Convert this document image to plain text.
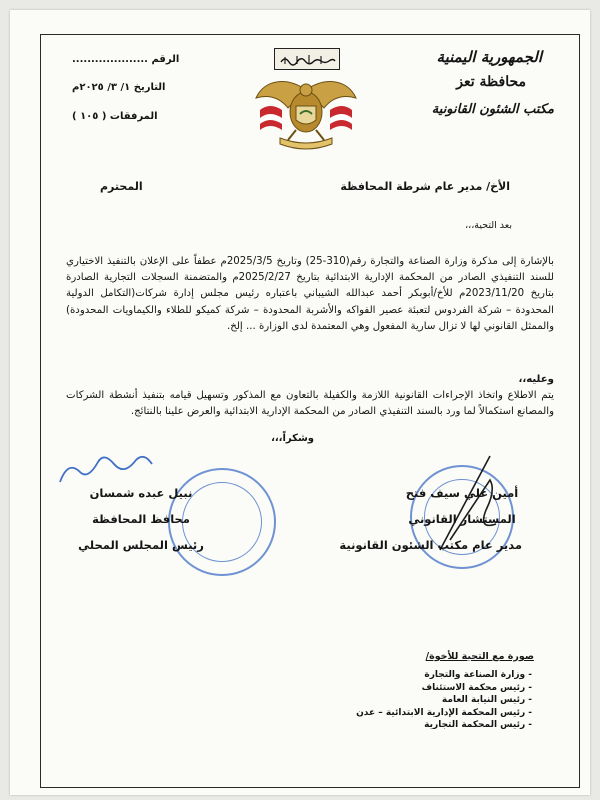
الجمهورية اليمنية
محافظة تعز
مكتب الشئون القانونية
الرقم ....................
التاريخ ١/ ٣/ ٢٠٢٥م
المرفقات ( ١٠٥ )
الأخ/ مدير عام شرطة المحافظة
المحترم
بعد التحية،،،
بالإشارة إلى مذكرة وزارة الصناعة والتجارة رقم(310-25) وتاريخ 2025/3/5م عطفاً على الإعلان بالتنفيذ الاختياري للسند التنفيذي الصادر من المحكمة الإدارية الابتدائية بتاريخ 2025/2/27م والمتضمنة السجلات التجارية الصادرة بتاريخ 2023/11/20م للأخ/أبوبكر أحمد عبدالله الشيباني باعتباره رئيس مجلس إدارة شركات(التكامل الدولية المحدودة – شركة الفردوس لتعبئة عصير الفواكه والأشربة المحدودة – شركة كميكو للطلاء والكيماويات المحدودة) والممثل القانوني لها لا تزال سارية المفعول وهي المعتمدة لدى الوزارة ... إلخ.
وعليه،،
يتم الاطلاع واتخاذ الإجراءات القانونية اللازمة والكفيلة بالتعاون مع المذكور وتسهيل قيامه بتنفيذ أنشطة الشركات والمصانع استكمالاً لما ورد بالسند التنفيذي الصادر من المحكمة الإدارية الابتدائية والعرض علينا بالنتائج.
وشكراً،،،
أمين علي سيف فتح
المستشار القانوني
مدير عام مكتب الشئون القانونية
نبيل عبده شمسان
محافظ المحافظة
رئيس المجلس المحلي
صورة مع التحية للأخوة/
- وزارة الصناعة والتجارة
- رئيس محكمة الاستئناف
- رئيس النيابة العامة
- رئيس المحكمة الإدارية الابتدائية – عدن
- رئيس المحكمة التجارية
